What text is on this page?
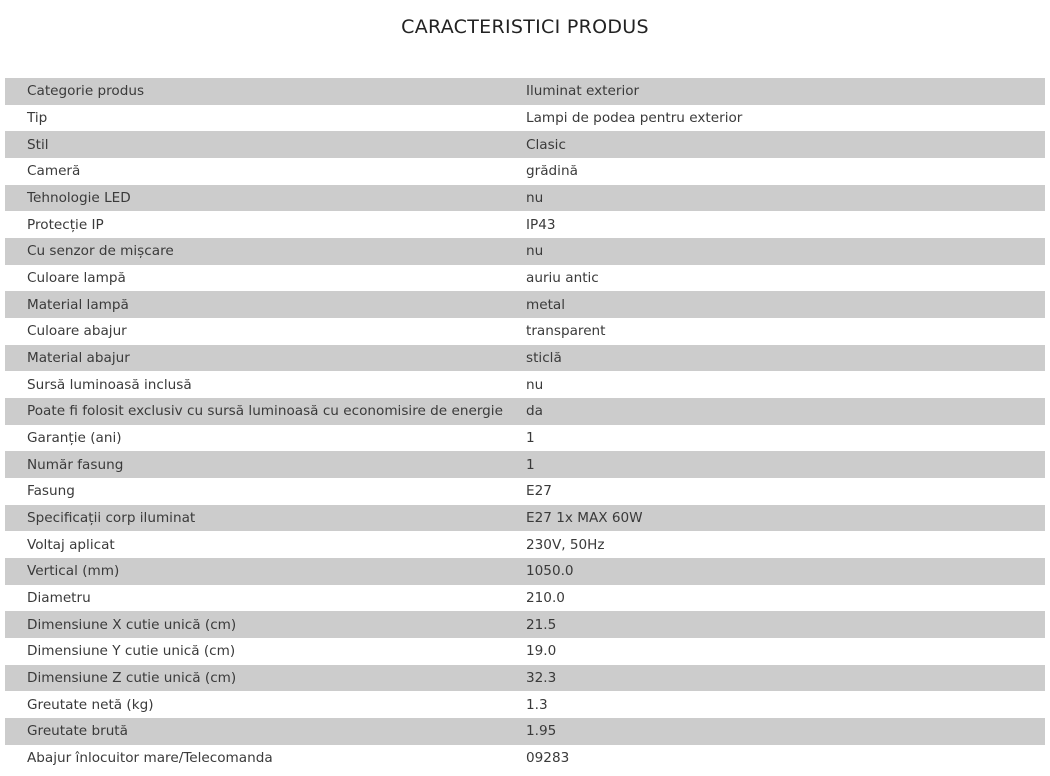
CARACTERISTICI PRODUS
Categorie produs	Iluminat exterior
Tip	Lampi de podea pentru exterior
Stil	Clasic
Cameră	grădină
Tehnologie LED	nu
Protecție IP	IP43
Cu senzor de mișcare	nu
Culoare lampă	auriu antic
Material lampă	metal
Culoare abajur	transparent
Material abajur	sticlă
Sursă luminoasă inclusă	nu
Poate fi folosit exclusiv cu sursă luminoasă cu economisire de energie	da
Garanție (ani)	1
Număr fasung	1
Fasung	E27
Specificații corp iluminat	E27 1x MAX 60W
Voltaj aplicat	230V, 50Hz
Vertical (mm)	1050.0
Diametru	210.0
Dimensiune X cutie unică (cm)	21.5
Dimensiune Y cutie unică (cm)	19.0
Dimensiune Z cutie unică (cm)	32.3
Greutate netă (kg)	1.3
Greutate brută	1.95
Abajur înlocuitor mare/Telecomanda	09283
